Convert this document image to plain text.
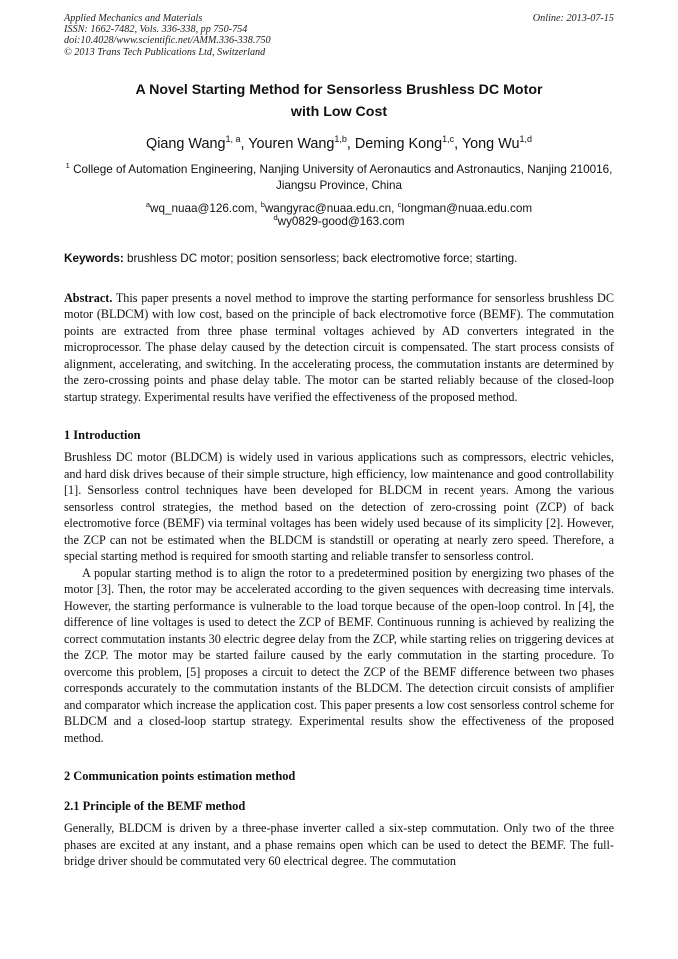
Applied Mechanics and Materials
ISSN: 1662-7482, Vols. 336-338, pp 750-754
doi:10.4028/www.scientific.net/AMM.336-338.750
© 2013 Trans Tech Publications Ltd, Switzerland
Online: 2013-07-15
A Novel Starting Method for Sensorless Brushless DC Motor
with Low Cost
Qiang Wang$^{1, a}$, Youren Wang$^{1,b}$, Deming Kong$^{1,c}$, Yong Wu$^{1,d}$
$^1$ College of Automation Engineering, Nanjing University of Aeronautics and Astronautics, Nanjing 210016, Jiangsu Province, China
$^a$wq_nuaa@126.com, $^b$wangyrac@nuaa.edu.cn, $^c$longman@nuaa.edu.com
$^d$wy0829-good@163.com
Keywords: brushless DC motor; position sensorless; back electromotive force; starting.
Abstract. This paper presents a novel method to improve the starting performance for sensorless brushless DC motor (BLDCM) with low cost, based on the principle of back electromotive force (BEMF). The commutation points are extracted from three phase terminal voltages achieved by AD converters integrated in the microprocessor. The phase delay caused by the detection circuit is compensated. The start process consists of alignment, accelerating, and switching. In the accelerating process, the commutation instants are determined by the zero-crossing points and phase delay table. The motor can be started reliably because of the closed-loop startup strategy. Experimental results have verified the effectiveness of the proposed method.
1 Introduction

Brushless DC motor (BLDCM) is widely used in various applications such as compressors, electric vehicles, and hard disk drives because of their simple structure, high efficiency, low maintenance and good controllability [1]. Sensorless control techniques have been developed for BLDCM in recent years. Among the various sensorless control strategies, the method based on the detection of zero-crossing point (ZCP) of back electromotive force (BEMF) via terminal voltages has been widely used because of its simplicity [2]. However, the ZCP can not be estimated when the BLDCM is standstill or operating at nearly zero speed. Therefore, a special starting method is required for smooth starting and reliable transfer to sensorless control.

A popular starting method is to align the rotor to a predetermined position by energizing two phases of the motor [3]. Then, the rotor may be accelerated according to the given sequences with decreasing time intervals. However, the starting performance is vulnerable to the load torque because of the open-loop control. In [4], the difference of line voltages is used to detect the ZCP of BEMF. Continuous running is achieved by realizing the correct commutation instants 30 electric degree delay from the ZCP, while starting relies on triggering devices at the ZCP. The motor may be started failure caused by the early commutation in the starting procedure. To overcome this problem, [5] proposes a circuit to detect the ZCP of the BEMF difference between two phases corresponds accurately to the commutation instants of the BLDCM. The detection circuit consists of amplifier and comparator which increase the application cost. This paper presents a low cost sensorless control scheme for BLDCM and a closed-loop startup strategy. Experimental results show the effectiveness of the proposed method.

2 Communication points estimation method
2.1 Principle of the BEMF method

Generally, BLDCM is driven by a three-phase inverter called a six-step commutation. Only two of the three phases are excited at any instant, and a phase remains open which can be used to detect the BEMF. The full-bridge driver should be commutated very 60 electrical degree. The commutation
